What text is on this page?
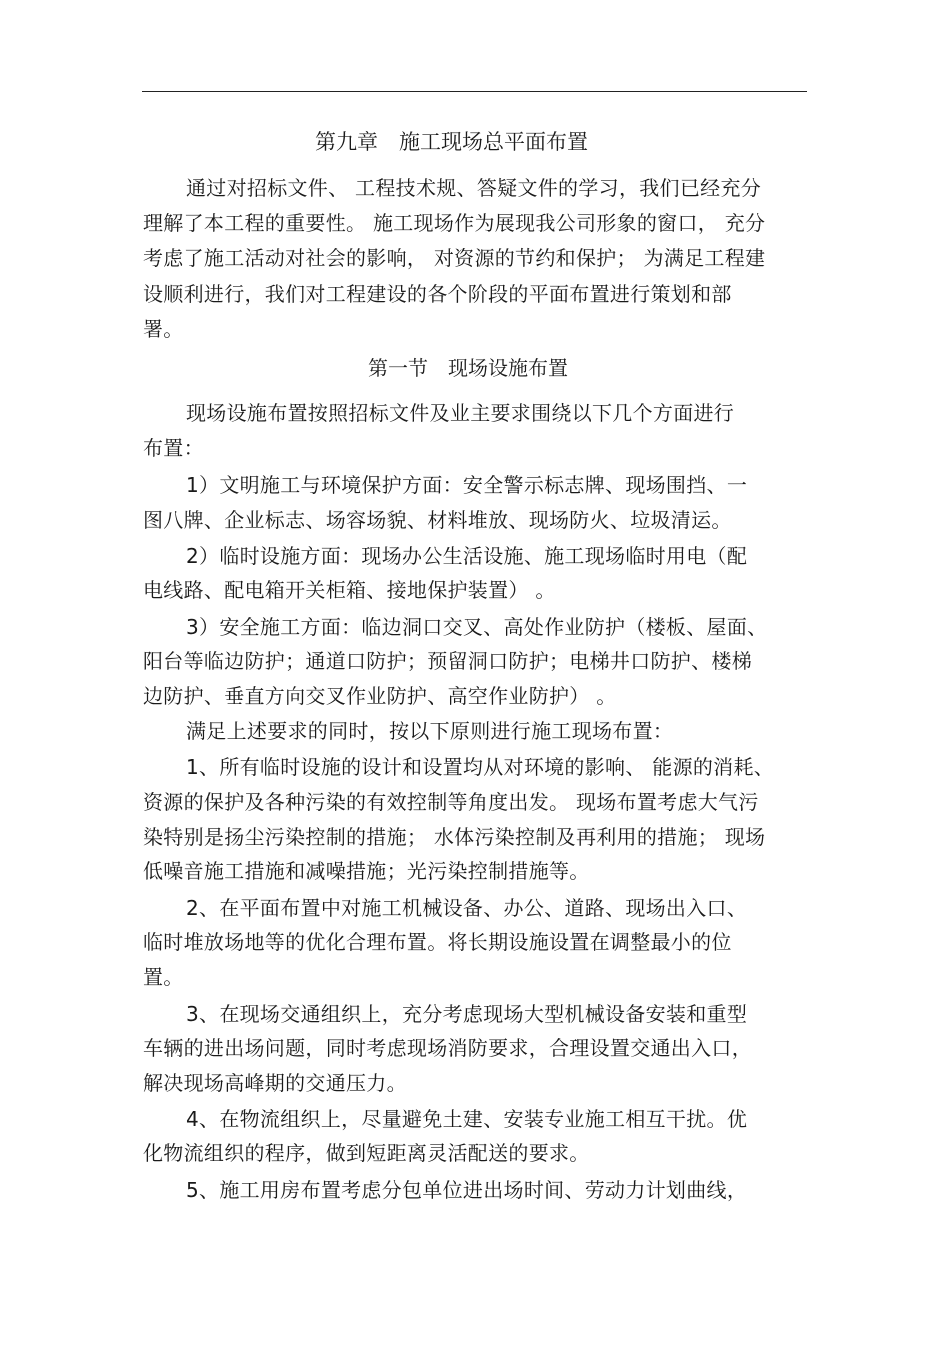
第九章　施工现场总平面布置
通过对招标文件、 工程技术规、答疑文件的学习，我们已经充分
理解了本工程的重要性。 施工现场作为展现我公司形象的窗口， 充分
考虑了施工活动对社会的影响， 对资源的节约和保护； 为满足工程建
设顺利进行，我们对工程建设的各个阶段的平面布置进行策划和部
署。
第一节　现场设施布置
现场设施布置按照招标文件及业主要求围绕以下几个方面进行
布置：
1）文明施工与环境保护方面：安全警示标志牌、现场围挡、一
图八牌、企业标志、场容场貌、材料堆放、现场防火、垃圾清运。
2）临时设施方面：现场办公生活设施、施工现场临时用电（配
电线路、配电箱开关柜箱、接地保护装置） 。
3）安全施工方面：临边洞口交叉、高处作业防护（楼板、屋面、
阳台等临边防护；通道口防护；预留洞口防护；电梯井口防护、楼梯
边防护、垂直方向交叉作业防护、高空作业防护） 。
满足上述要求的同时，按以下原则进行施工现场布置：
1、所有临时设施的设计和设置均从对环境的影响、 能源的消耗、
资源的保护及各种污染的有效控制等角度出发。 现场布置考虑大气污
染特别是扬尘污染控制的措施； 水体污染控制及再利用的措施； 现场
低噪音施工措施和减噪措施；光污染控制措施等。
2、在平面布置中对施工机械设备、办公、道路、现场出入口、
临时堆放场地等的优化合理布置。将长期设施设置在调整最小的位
置。
3、在现场交通组织上，充分考虑现场大型机械设备安装和重型
车辆的进出场问题，同时考虑现场消防要求，合理设置交通出入口，
解决现场高峰期的交通压力。
4、在物流组织上，尽量避免土建、安装专业施工相互干扰。优
化物流组织的程序，做到短距离灵活配送的要求。
5、施工用房布置考虑分包单位进出场时间、劳动力计划曲线，
